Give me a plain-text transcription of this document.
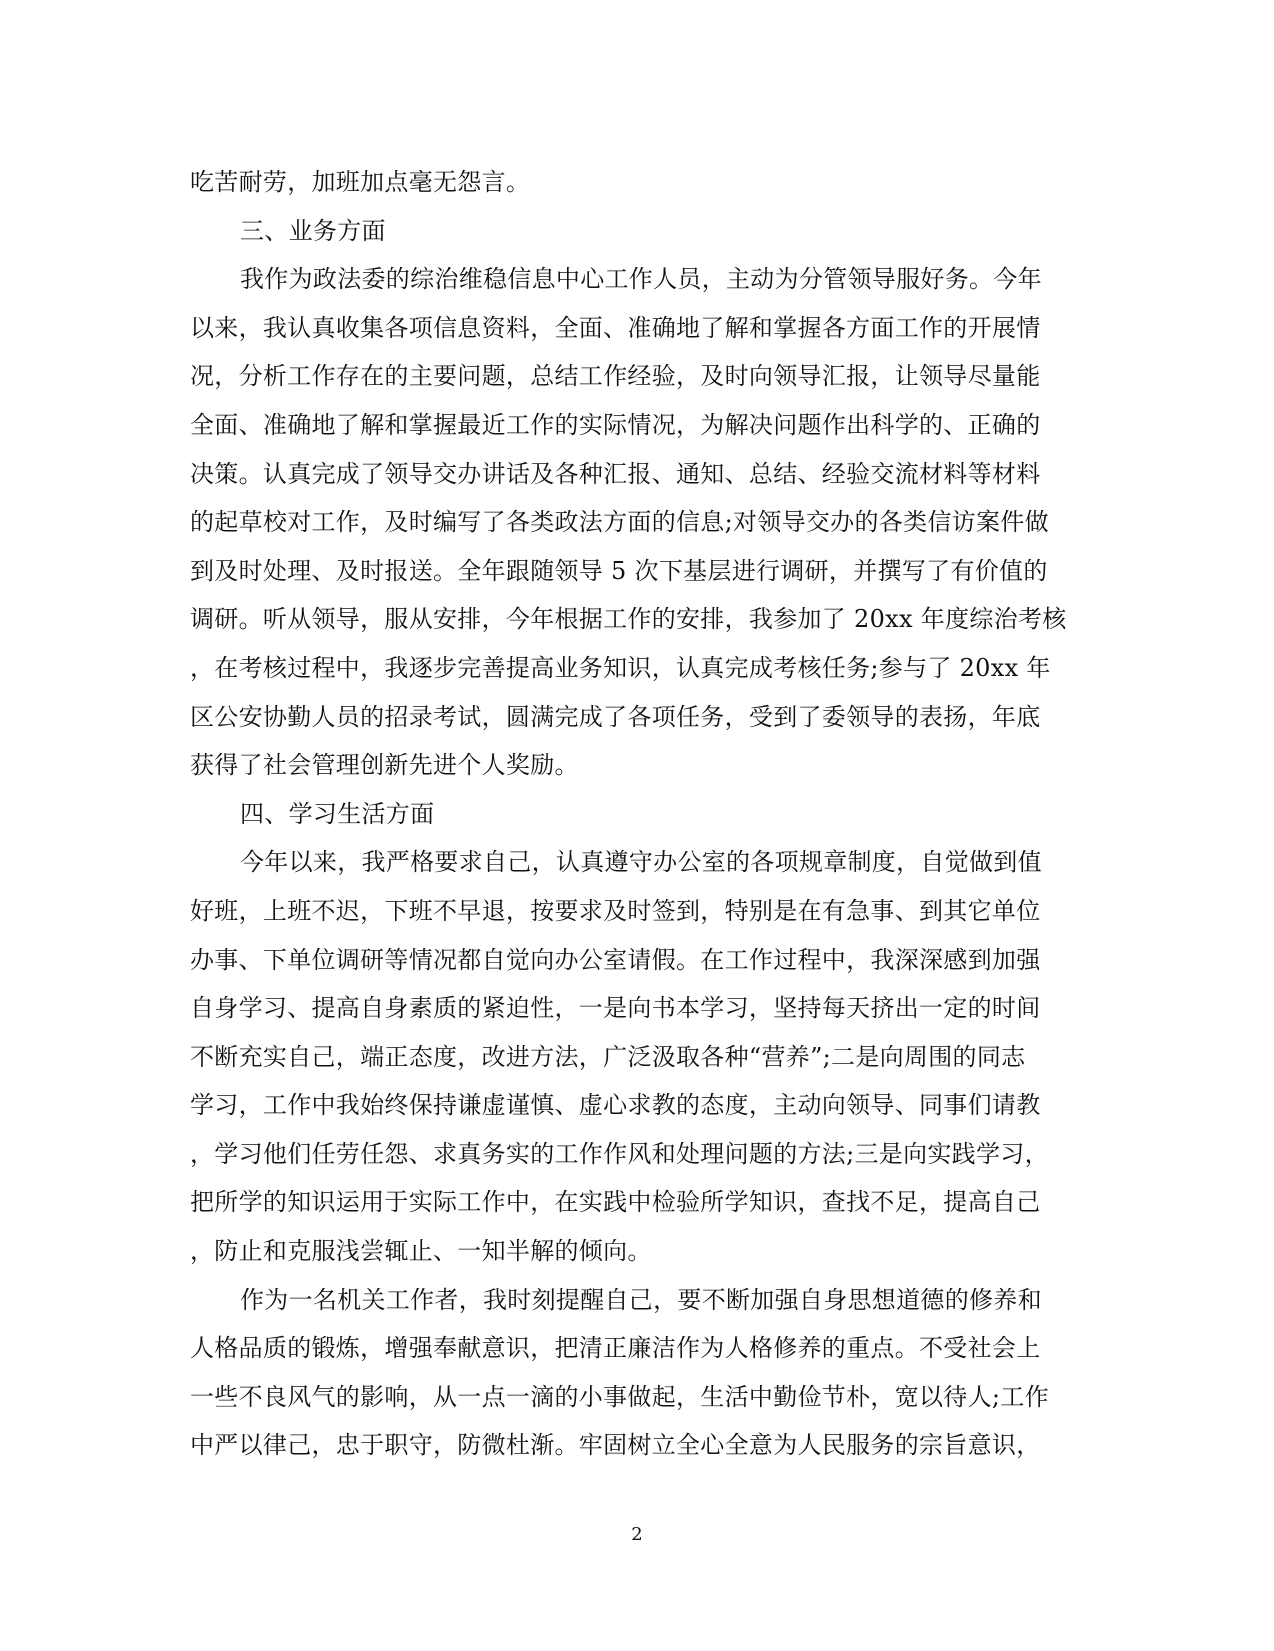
吃苦耐劳，加班加点毫无怨言。
三、业务方面
我作为政法委的综治维稳信息中心工作人员，主动为分管领导服好务。今年
以来，我认真收集各项信息资料，全面、准确地了解和掌握各方面工作的开展情
况，分析工作存在的主要问题，总结工作经验，及时向领导汇报，让领导尽量能
全面、准确地了解和掌握最近工作的实际情况，为解决问题作出科学的、正确的
决策。认真完成了领导交办讲话及各种汇报、通知、总结、经验交流材料等材料
的起草校对工作，及时编写了各类政法方面的信息;对领导交办的各类信访案件做
到及时处理、及时报送。全年跟随领导 5 次下基层进行调研，并撰写了有价值的
调研。听从领导，服从安排，今年根据工作的安排，我参加了 20xx 年度综治考核
，在考核过程中，我逐步完善提高业务知识，认真完成考核任务;参与了 20xx 年
区公安协勤人员的招录考试，圆满完成了各项任务，受到了委领导的表扬，年底
获得了社会管理创新先进个人奖励。
四、学习生活方面
今年以来，我严格要求自己，认真遵守办公室的各项规章制度，自觉做到值
好班，上班不迟，下班不早退，按要求及时签到，特别是在有急事、到其它单位
办事、下单位调研等情况都自觉向办公室请假。在工作过程中，我深深感到加强
自身学习、提高自身素质的紧迫性，一是向书本学习，坚持每天挤出一定的时间
不断充实自己，端正态度，改进方法，广泛汲取各种“营养”;二是向周围的同志
学习，工作中我始终保持谦虚谨慎、虚心求教的态度，主动向领导、同事们请教
，学习他们任劳任怨、求真务实的工作作风和处理问题的方法;三是向实践学习，
把所学的知识运用于实际工作中，在实践中检验所学知识，查找不足，提高自己
，防止和克服浅尝辄止、一知半解的倾向。
作为一名机关工作者，我时刻提醒自己，要不断加强自身思想道德的修养和
人格品质的锻炼，增强奉献意识，把清正廉洁作为人格修养的重点。不受社会上
一些不良风气的影响，从一点一滴的小事做起，生活中勤俭节朴，宽以待人;工作
中严以律己，忠于职守，防微杜渐。牢固树立全心全意为人民服务的宗旨意识，
2
